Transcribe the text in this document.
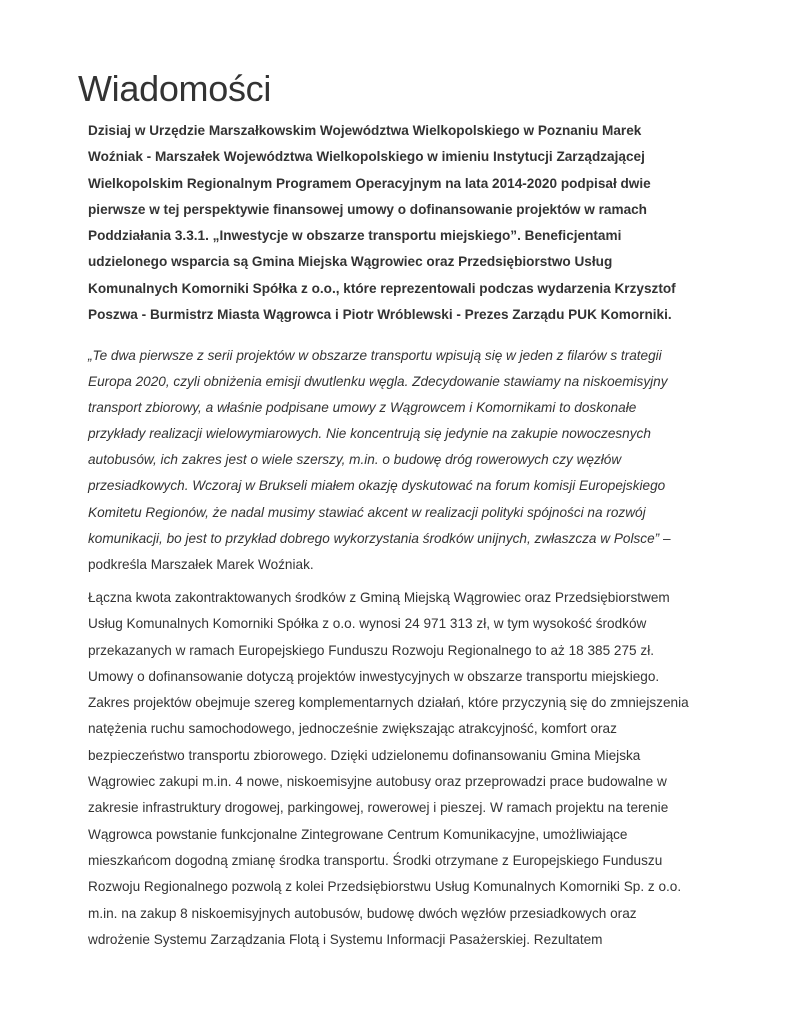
Wiadomości
Dzisiaj w Urzędzie Marszałkowskim Województwa Wielkopolskiego w Poznaniu Marek
Woźniak - Marszałek Województwa Wielkopolskiego w imieniu Instytucji Zarządzającej
Wielkopolskim Regionalnym Programem Operacyjnym na lata 2014-2020 podpisał dwie
pierwsze w tej perspektywie finansowej umowy o dofinansowanie projektów w ramach
Poddziałania 3.3.1. „Inwestycje w obszarze transportu miejskiego”. Beneficjentami
udzielonego wsparcia są Gmina Miejska Wągrowiec oraz Przedsiębiorstwo Usług
Komunalnych Komorniki Spółka z o.o., które reprezentowali podczas wydarzenia Krzysztof
Poszwa - Burmistrz Miasta Wągrowca i Piotr Wróblewski - Prezes Zarządu PUK Komorniki.
„Te dwa pierwsze z serii projektów w obszarze transportu wpisują się w jeden z filarów s trategii
Europa 2020, czyli obniżenia emisji dwutlenku węgla. Zdecydowanie stawiamy na niskoemisyjny
transport zbiorowy, a właśnie podpisane umowy z Wągrowcem i Komornikami to doskonałe
przykłady realizacji wielowymiarowych. Nie koncentrują się jedynie na zakupie nowoczesnych
autobusów, ich zakres jest o wiele szerszy, m.in. o budowę dróg rowerowych czy węzłów
przesiadkowych. Wczoraj w Brukseli miałem okazję dyskutować na forum komisji Europejskiego
Komitetu Regionów, że nadal musimy stawiać akcent w realizacji polityki spójności na rozwój
komunikacji, bo jest to przykład dobrego wykorzystania środków unijnych, zwłaszcza w Polsce” –
podkreśla Marszałek Marek Woźniak.
Łączna kwota zakontraktowanych środków z Gminą Miejską Wągrowiec oraz Przedsiębiorstwem
Usług Komunalnych Komorniki Spółka z o.o. wynosi 24 971 313 zł, w tym wysokość środków
przekazanych w ramach Europejskiego Funduszu Rozwoju Regionalnego to aż 18 385 275 zł.
Umowy o dofinansowanie dotyczą projektów inwestycyjnych w obszarze transportu miejskiego.
Zakres projektów obejmuje szereg komplementarnych działań, które przyczynią się do zmniejszenia
natężenia ruchu samochodowego, jednocześnie zwiększając atrakcyjność, komfort oraz
bezpieczeństwo transportu zbiorowego. Dzięki udzielonemu dofinansowaniu Gmina Miejska
Wągrowiec zakupi m.in. 4 nowe, niskoemisyjne autobusy oraz przeprowadzi prace budowalne w
zakresie infrastruktury drogowej, parkingowej, rowerowej i pieszej. W ramach projektu na terenie
Wągrowca powstanie funkcjonalne Zintegrowane Centrum Komunikacyjne, umożliwiające
mieszkańcom dogodną zmianę środka transportu. Środki otrzymane z Europejskiego Funduszu
Rozwoju Regionalnego pozwolą z kolei Przedsiębiorstwu Usług Komunalnych Komorniki Sp. z o.o.
m.in. na zakup 8 niskoemisyjnych autobusów, budowę dwóch węzłów przesiadkowych oraz
wdrożenie Systemu Zarządzania Flotą i Systemu Informacji Pasażerskiej. Rezultatem
